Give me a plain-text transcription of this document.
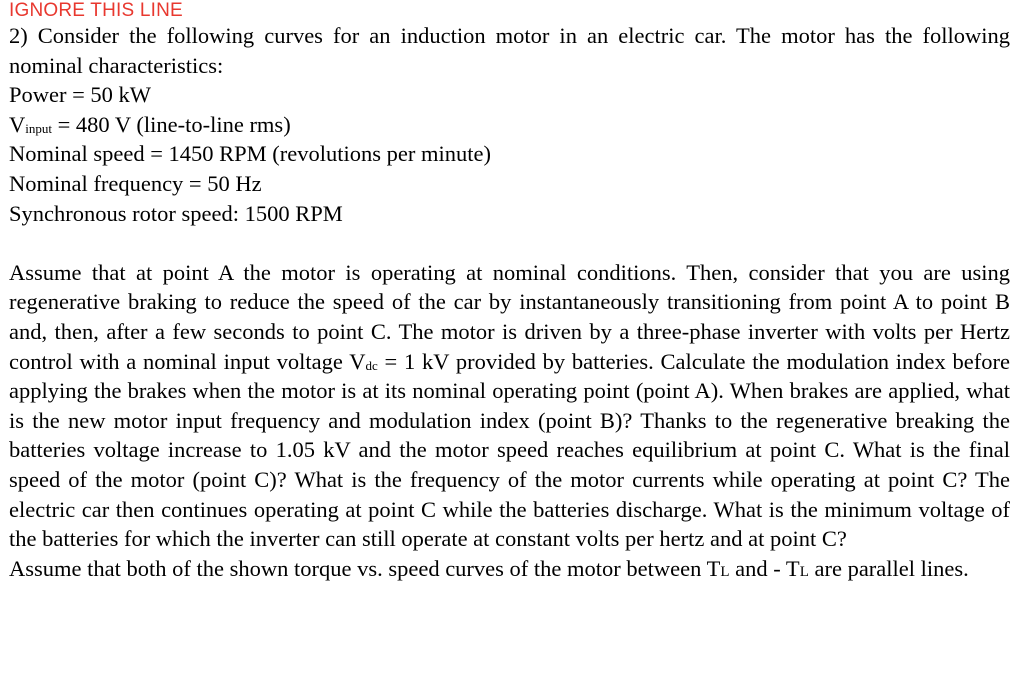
IGNORE THIS LINE
2) Consider the following curves for an induction motor in an electric car. The motor has the following nominal characteristics:
Power = 50 kW
$V_{input} = 480$ V (line-to-line rms)
Nominal speed = 1450 RPM (revolutions per minute)
Nominal frequency = 50 Hz
Synchronous rotor speed: 1500 RPM
Assume that at point A the motor is operating at nominal conditions. Then, consider that you are using regenerative braking to reduce the speed of the car by instantaneously transitioning from point A to point B and, then, after a few seconds to point C. The motor is driven by a three-phase inverter with volts per Hertz control with a nominal input voltage $V_{dc} = 1$ kV provided by batteries. Calculate the modulation index before applying the brakes when the motor is at its nominal operating point (point A). When brakes are applied, what is the new motor input frequency and modulation index (point B)? Thanks to the regenerative breaking the batteries voltage increase to 1.05 kV and the motor speed reaches equilibrium at point C. What is the final speed of the motor (point C)? What is the frequency of the motor currents while operating at point C? The electric car then continues operating at point C while the batteries discharge. What is the minimum voltage of the batteries for which the inverter can still operate at constant volts per hertz and at point C?
Assume that both of the shown torque vs. speed curves of the motor between TL and - TL are parallel lines.
